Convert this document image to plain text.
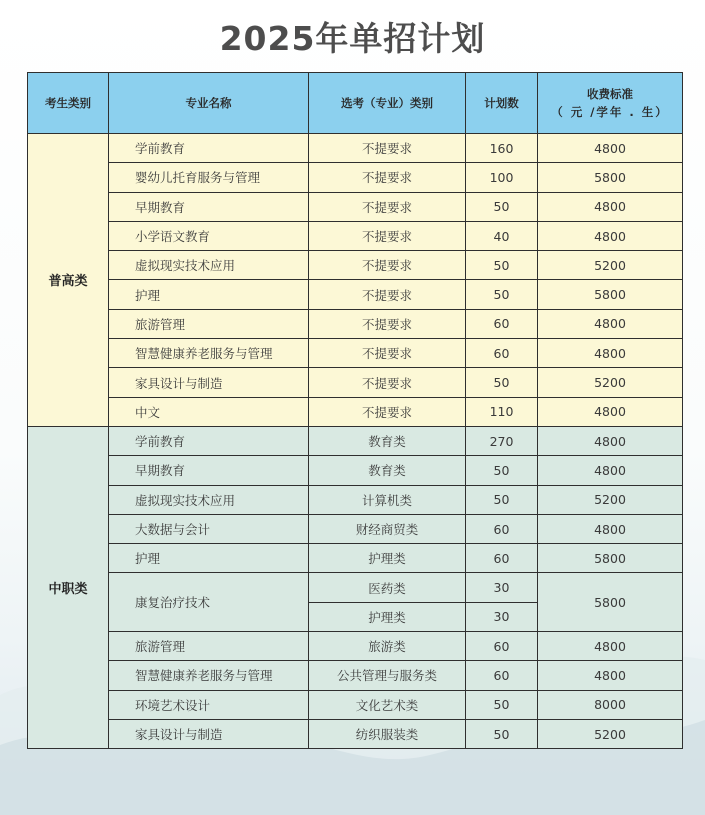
2025年单招计划
考生类别	专业名称	选考（专业）类别	计划数	收费标准

（ 元 /学年 . 生）

普高类	学前教育	不提要求	160	4800
	婴幼儿托育服务与管理	不提要求	100	5800
	早期教育	不提要求	50	4800
	小学语文教育	不提要求	40	4800
	虚拟现实技术应用	不提要求	50	5200
	护理	不提要求	50	5800
	旅游管理	不提要求	60	4800
	智慧健康养老服务与管理	不提要求	60	4800
	家具设计与制造	不提要求	50	5200
	中文	不提要求	110	4800
中职类	学前教育	教育类	270	4800
	早期教育	教育类	50	4800
	虚拟现实技术应用	计算机类	50	5200
	大数据与会计	财经商贸类	60	4800
	护理	护理类	60	5800
	康复治疗技术	医药类	30	5800
		护理类	30	
	旅游管理	旅游类	60	4800
	智慧健康养老服务与管理	公共管理与服务类	60	4800
	环境艺术设计	文化艺术类	50	8000
	家具设计与制造	纺织服装类	50	5200
